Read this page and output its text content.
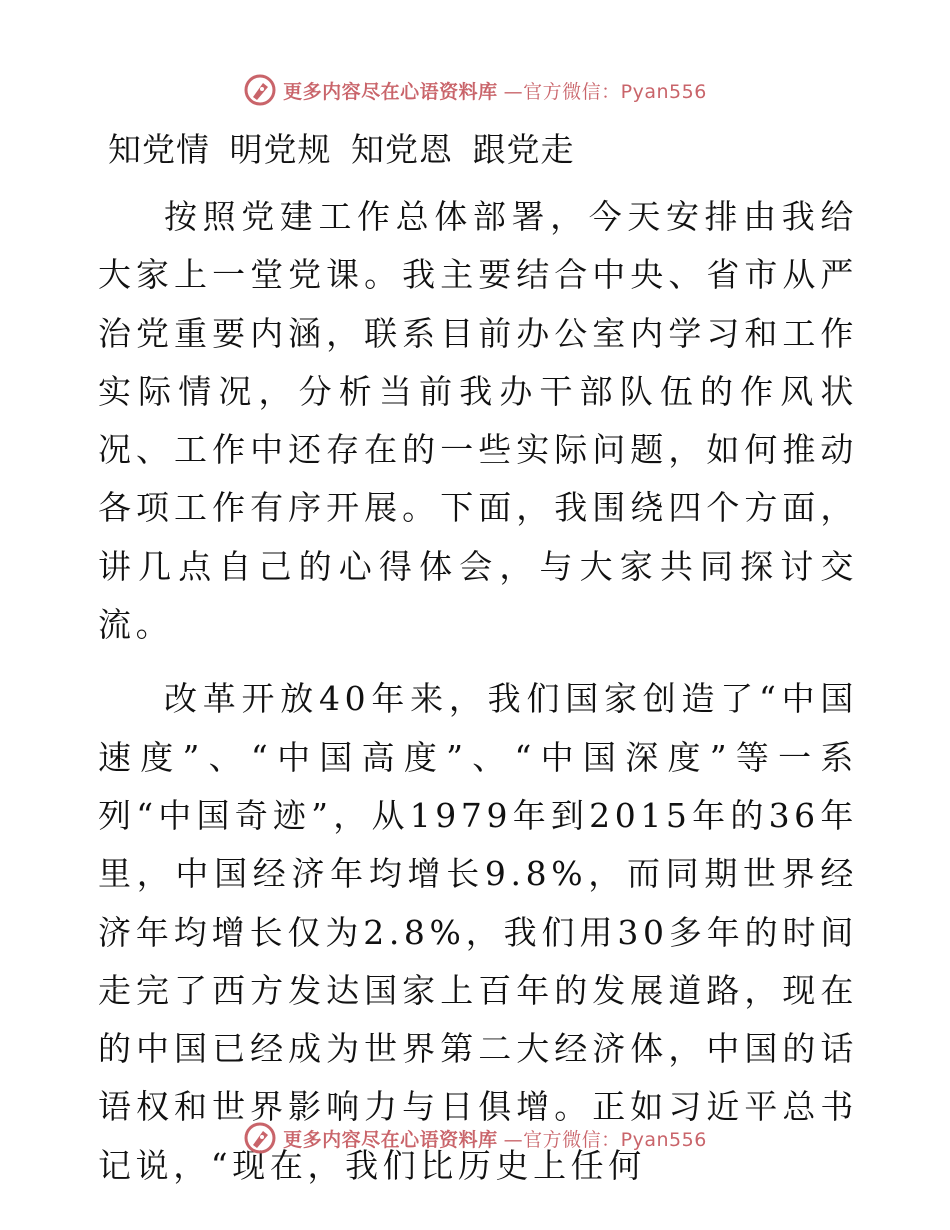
更多内容尽在心语资料库 —官方微信：Pyan556
知党情 明党规 知党恩 跟党走

按照党建工作总体部署，今天安排由我给大家上一堂党课。我主要结合中央、省市从严治党重要内涵，联系目前办公室内学习和工作实际情况，分析当前我办干部队伍的作风状况、工作中还存在的一些实际问题，如何推动各项工作有序开展。下面，我围绕四个方面，讲几点自己的心得体会，与大家共同探讨交流。

改革开放40年来，我们国家创造了“中国速度”、“中国高度”、“中国深度”等一系列“中国奇迹”，从1979年到2015年的36年里，中国经济年均增长9.8%，而同期世界经济年均增长仅为2.8%，我们用30多年的时间走完了西方发达国家上百年的发展道路，现在的中国已经成为世界第二大经济体，中国的话语权和世界影响力与日俱增。正如习近平总书记说，“现在，我们比历史上任何

更多内容尽在心语资料库 —官方微信：Pyan556
